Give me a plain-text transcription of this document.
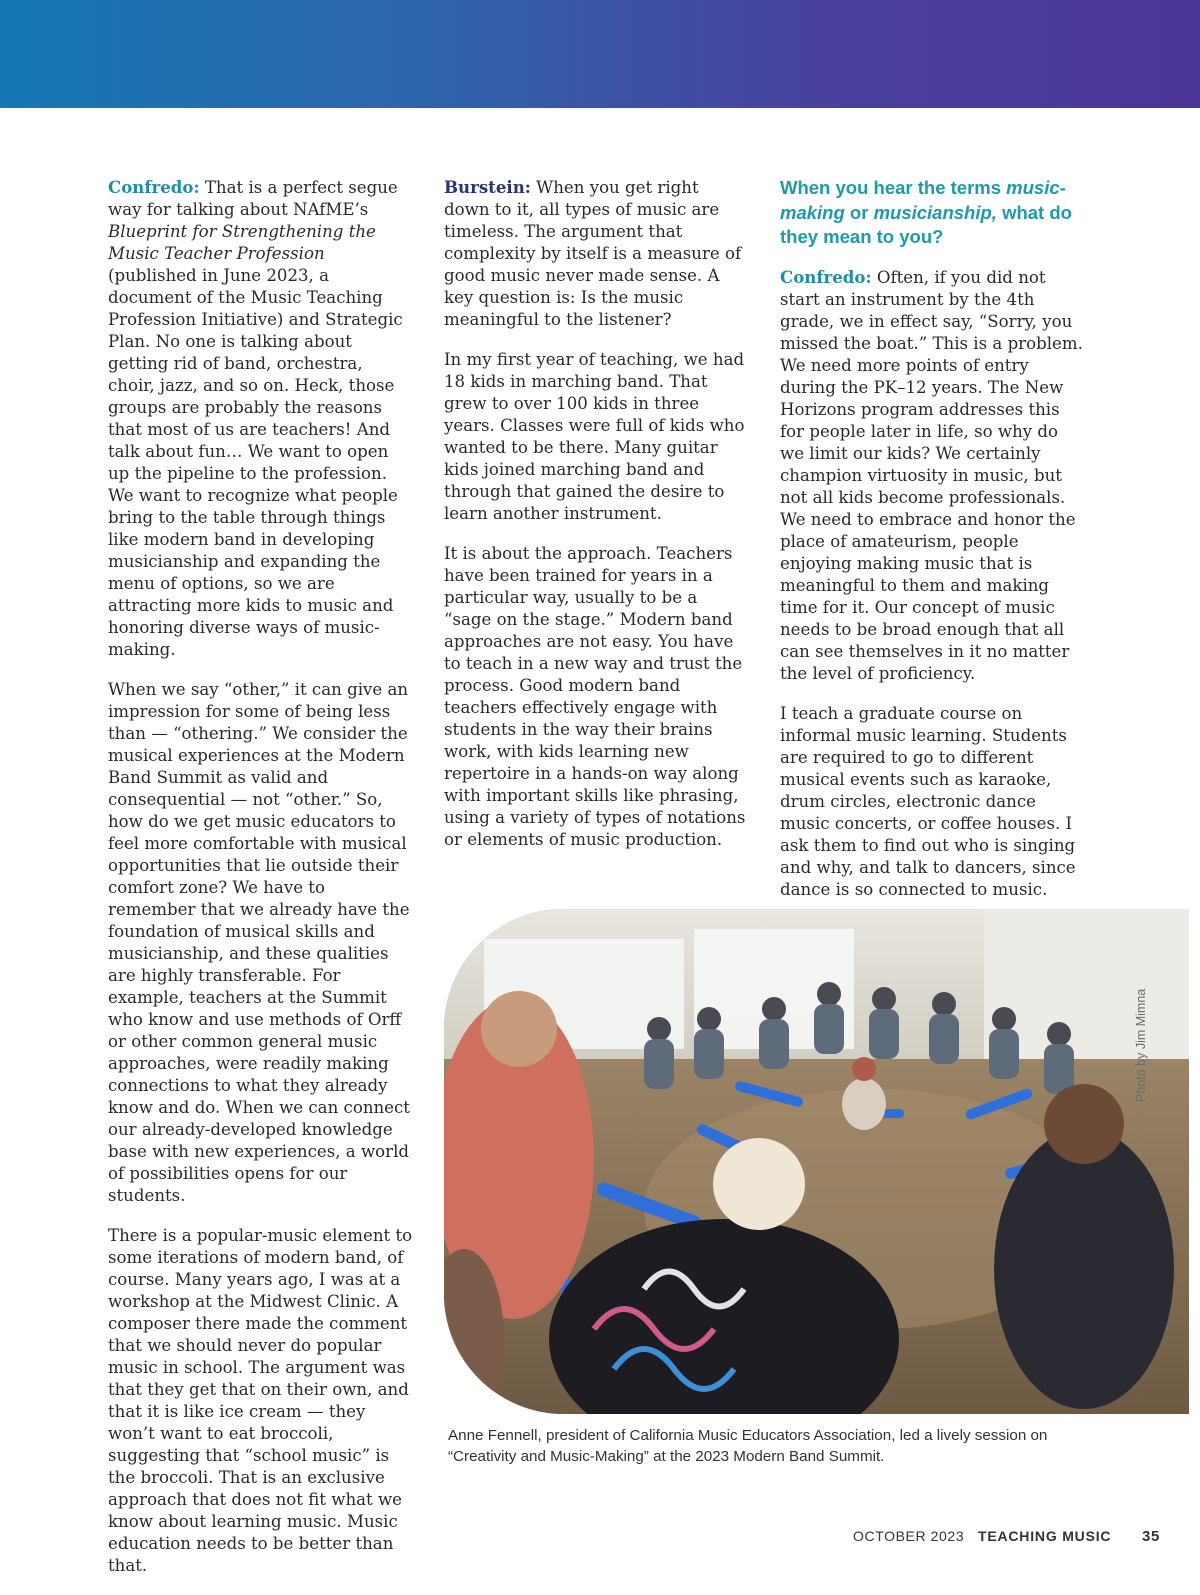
Confredo: That is a perfect segue way for talking about NAfME’s Blueprint for Strengthening the Music Teacher Profession (published in June 2023, a document of the Music Teaching Profession Initiative) and Strategic Plan. No one is talking about getting rid of band, orchestra, choir, jazz, and so on. Heck, those groups are probably the reasons that most of us are teachers! And talk about fun… We want to open up the pipeline to the profession. We want to recognize what people bring to the table through things like modern band in developing musicianship and expanding the menu of options, so we are attracting more kids to music and honoring diverse ways of music-making.

When we say “other,” it can give an impression for some of being less than — “othering.” We consider the musical experiences at the Modern Band Summit as valid and consequential — not “other.” So, how do we get music educators to feel more comfortable with musical opportunities that lie outside their comfort zone? We have to remember that we already have the foundation of musical skills and musicianship, and these qualities are highly transferable. For example, teachers at the Summit who know and use methods of Orff or other common general music approaches, were readily making connections to what they already know and do. When we can connect our already-developed knowledge base with new experiences, a world of possibilities opens for our students.

There is a popular-music element to some iterations of modern band, of course. Many years ago, I was at a workshop at the Midwest Clinic. A composer there made the comment that we should never do popular music in school. The argument was that they get that on their own, and that it is like ice cream — they won’t want to eat broccoli, suggesting that “school music” is the broccoli. That is an exclusive approach that does not fit what we know about learning music. Music education needs to be better than that.

Burstein: When you get right down to it, all types of music are timeless. The argument that complexity by itself is a measure of good music never made sense. A key question is: Is the music meaningful to the listener?

In my first year of teaching, we had 18 kids in marching band. That grew to over 100 kids in three years. Classes were full of kids who wanted to be there. Many guitar kids joined marching band and through that gained the desire to learn another instrument.

It is about the approach. Teachers have been trained for years in a particular way, usually to be a “sage on the stage.” Modern band approaches are not easy. You have to teach in a new way and trust the process. Good modern band teachers effectively engage with students in the way their brains work, with kids learning new repertoire in a hands-on way along with important skills like phrasing, using a variety of types of notations or elements of music production.

When you hear the terms music-making or musicianship, what do they mean to you?

Confredo: Often, if you did not start an instrument by the 4th grade, we in effect say, “Sorry, you missed the boat.” This is a problem. We need more points of entry during the PK–12 years. The New Horizons program addresses this for people later in life, so why do we limit our kids? We certainly champion virtuosity in music, but not all kids become professionals. We need to embrace and honor the place of amateurism, people enjoying making music that is meaningful to them and making time for it. Our concept of music needs to be broad enough that all can see themselves in it no matter the level of proficiency.

I teach a graduate course on informal music learning. Students are required to go to different musical events such as karaoke, drum circles, electronic dance music concerts, or coffee houses. I ask them to find out who is singing and why, and talk to dancers, since dance is so connected to music.

Photo by Jim Mimna
Anne Fennell, president of California Music Educators Association, led a lively session on “Creativity and Music-Making” at the 2023 Modern Band Summit.
OCTOBER 2023 TEACHING MUSIC 35
